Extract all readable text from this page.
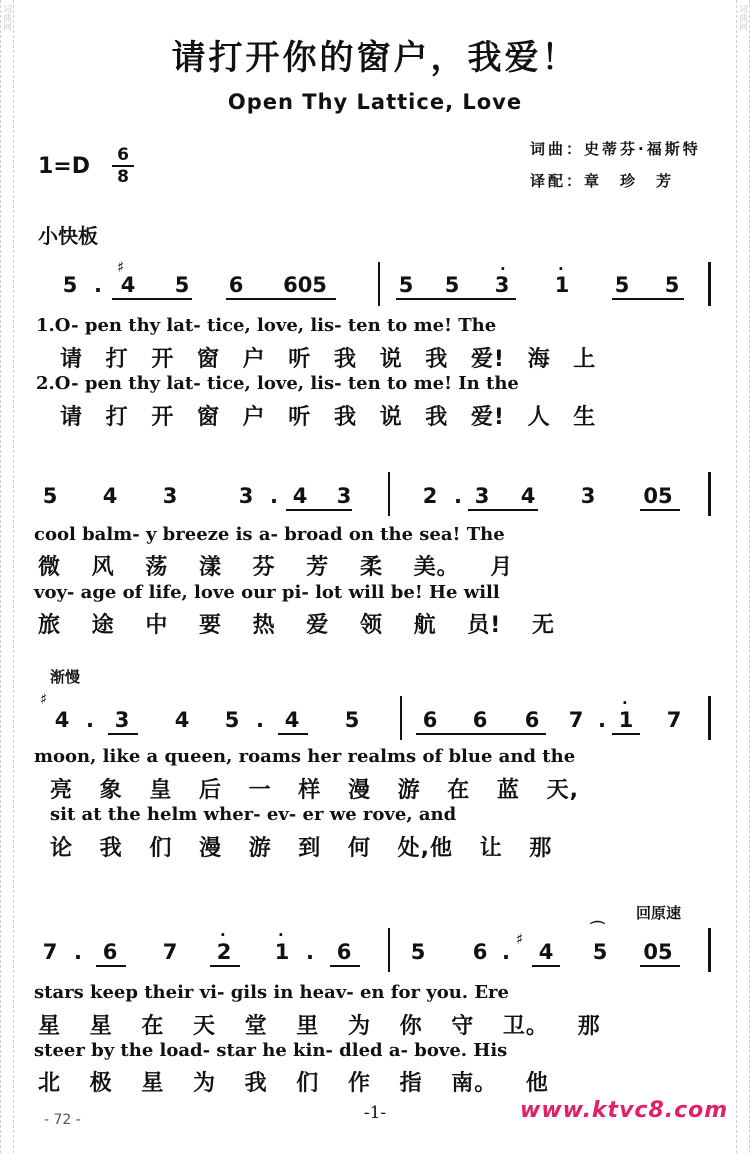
词曲网	词曲网
请打开你的窗户，我爱！
Open Thy Lattice, Love
词曲：史蒂芬·福斯特
译配：章　珍　芳
1=D 6
8
小快板
5 . 4
♯
5 6	605	5 5 3
·
1
·
5 5
1.O- pen thy lat- tice, love, lis- ten to me! The
请 打 开 窗 户 听 我 说 我 爱! 海 上
2.O- pen thy lat- tice, love, lis- ten to me! In the
请 打 开 窗 户 听 我 说 我 爱! 人 生
5 4 3	3 . 4 3	2 . 3 4 3	05
cool balm- y breeze is a- broad on the sea! The
微 风 荡 漾 芬 芳 柔 美。 月
voy- age of life, love our pi- lot will be! He will
旅 途 中 要 热 爱 领 航 员! 无
渐慢
♯
4 . 3 4 5 . 4 5	6 6 6 7 . 1
·
7
moon, like a queen, roams her realms of blue and the
亮 象 皇 后 一 样 漫 游 在 蓝 天,
sit at the helm wher- ev- er we rove, and
论 我 们 漫 游 到 何 处,他 让 那
回原速
7 . 6 7 2
·
1
·
. 6	5 6 .
♯
4
⌒
5	05
stars keep their vi- gils in heav- en for you. Ere
星 星 在 天 堂 里 为 你 守 卫。 那
steer by the load- star he kin- dled a- bove. His
北 极 星 为 我 们 作 指 南。 他
- 72 -	-1-	www.ktvc8.com
